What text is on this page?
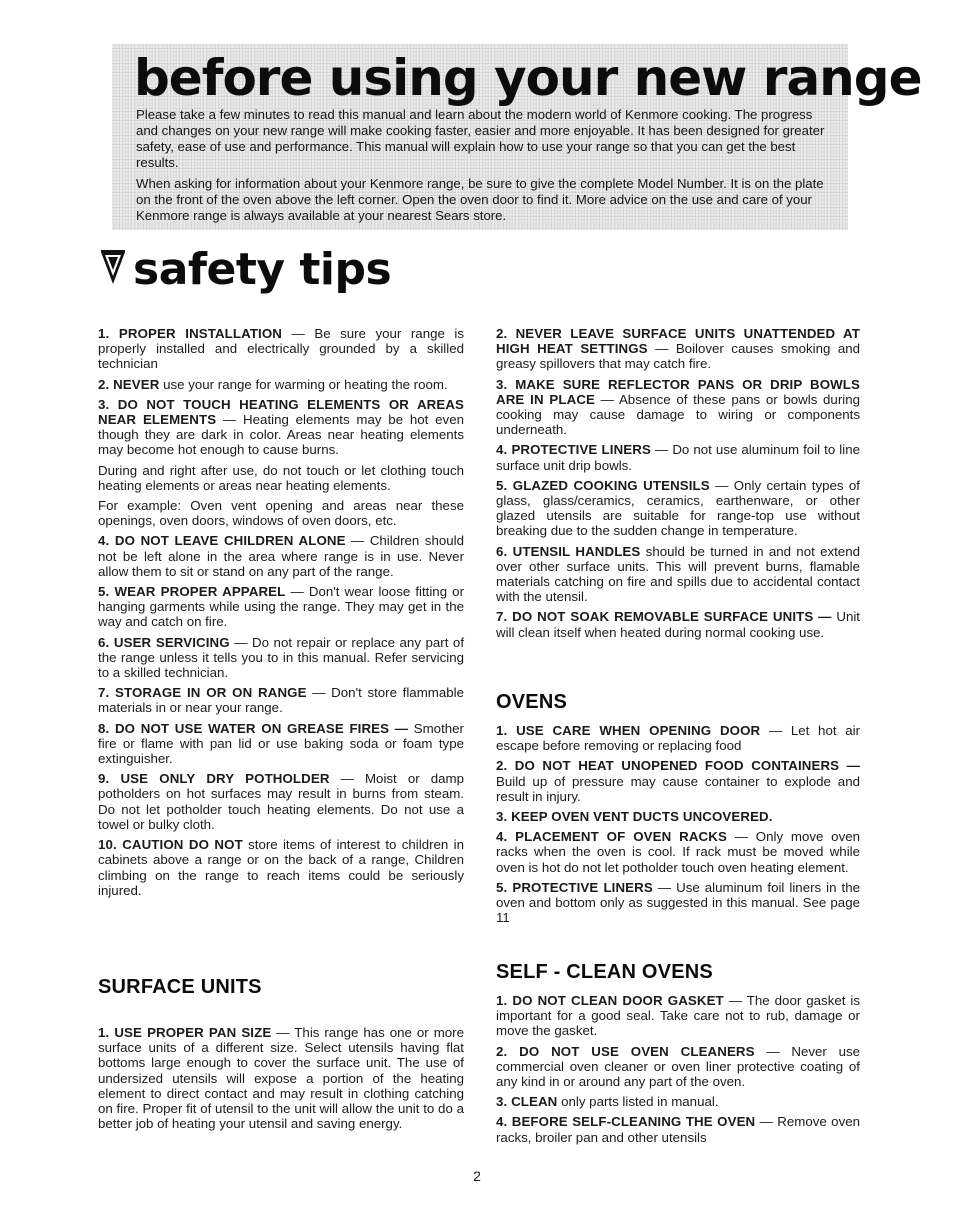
before using your new range

Please take a few minutes to read this manual and learn about the modern world of Kenmore cooking. The progress and changes on your new range will make cooking faster, easier and more enjoyable. It has been designed for greater safety, ease of use and performance. This manual will explain how to use your range so that you can get the best results.

When asking for information about your Kenmore range, be sure to give the complete Model Number. It is on the plate on the front of the oven above the left corner. Open the oven door to find it. More advice on the use and care of your Kenmore range is always available at your nearest Sears store.

safety tips

1. PROPER INSTALLATION — Be sure your range is properly installed and electrically grounded by a skilled technician

2. NEVER use your range for warming or heating the room.

3. DO NOT TOUCH HEATING ELEMENTS OR AREAS NEAR ELEMENTS — Heating elements may be hot even though they are dark in color. Areas near heating elements may become hot enough to cause burns.

During and right after use, do not touch or let clothing touch heating elements or areas near heating elements.

For example: Oven vent opening and areas near these openings, oven doors, windows of oven doors, etc.

4. DO NOT LEAVE CHILDREN ALONE — Children should not be left alone in the area where range is in use. Never allow them to sit or stand on any part of the range.

5. WEAR PROPER APPAREL — Don't wear loose fitting or hanging garments while using the range. They may get in the way and catch on fire.

6. USER SERVICING — Do not repair or replace any part of the range unless it tells you to in this manual. Refer servicing to a skilled technician.

7. STORAGE IN OR ON RANGE — Don't store flammable materials in or near your range.

8. DO NOT USE WATER ON GREASE FIRES — Smother fire or flame with pan lid or use baking soda or foam type extinguisher.

9. USE ONLY DRY POTHOLDER — Moist or damp potholders on hot surfaces may result in burns from steam. Do not let potholder touch heating elements. Do not use a towel or bulky cloth.

10. CAUTION DO NOT store items of interest to children in cabinets above a range or on the back of a range, Children climbing on the range to reach items could be seriously injured.

SURFACE UNITS

1. USE PROPER PAN SIZE — This range has one or more surface units of a different size. Select utensils having flat bottoms large enough to cover the surface unit. The use of undersized utensils will expose a portion of the heating element to direct contact and may result in clothing catching on fire. Proper fit of utensil to the unit will allow the unit to do a better job of heating your utensil and saving energy.

2. NEVER LEAVE SURFACE UNITS UNATTENDED AT HIGH HEAT SETTINGS — Boilover causes smoking and greasy spillovers that may catch fire.

3. MAKE SURE REFLECTOR PANS OR DRIP BOWLS ARE IN PLACE — Absence of these pans or bowls during cooking may cause damage to wiring or components underneath.

4. PROTECTIVE LINERS — Do not use aluminum foil to line surface unit drip bowls.

5. GLAZED COOKING UTENSILS — Only certain types of glass, glass/ceramics, ceramics, earthenware, or other glazed utensils are suitable for range-top use without breaking due to the sudden change in temperature.

6. UTENSIL HANDLES should be turned in and not extend over other surface units. This will prevent burns, flamable materials catching on fire and spills due to accidental contact with the utensil.

7. DO NOT SOAK REMOVABLE SURFACE UNITS — Unit will clean itself when heated during normal cooking use.

OVENS

1. USE CARE WHEN OPENING DOOR — Let hot air escape before removing or replacing food

2. DO NOT HEAT UNOPENED FOOD CONTAINERS — Build up of pressure may cause container to explode and result in injury.

3. KEEP OVEN VENT DUCTS UNCOVERED.

4. PLACEMENT OF OVEN RACKS — Only move oven racks when the oven is cool. If rack must be moved while oven is hot do not let potholder touch oven heating element.

5. PROTECTIVE LINERS — Use aluminum foil liners in the oven and bottom only as suggested in this manual. See page 11

SELF - CLEAN OVENS

1. DO NOT CLEAN DOOR GASKET — The door gasket is important for a good seal. Take care not to rub, damage or move the gasket.

2. DO NOT USE OVEN CLEANERS — Never use commercial oven cleaner or oven liner protective coating of any kind in or around any part of the oven.

3. CLEAN only parts listed in manual.

4. BEFORE SELF-CLEANING THE OVEN — Remove oven racks, broiler pan and other utensils

2
